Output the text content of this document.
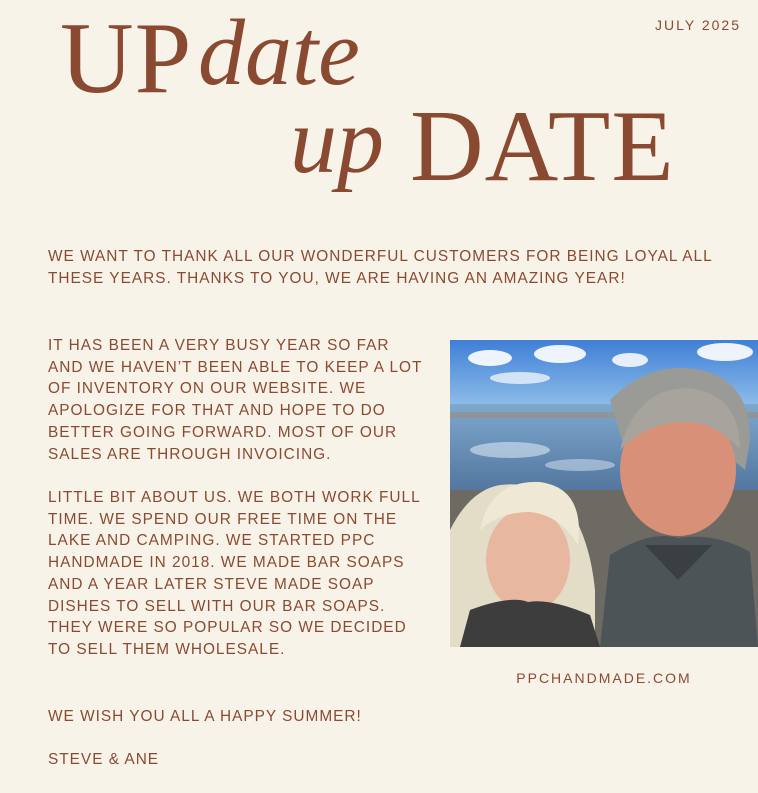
JULY 2025
UP date
up DATE
WE WANT TO THANK ALL OUR WONDERFUL CUSTOMERS FOR BEING LOYAL ALL THESE YEARS. THANKS TO YOU, WE ARE HAVING AN AMAZING YEAR!
IT HAS BEEN A VERY BUSY YEAR SO FAR AND WE HAVEN’T BEEN ABLE TO KEEP A LOT OF INVENTORY ON OUR WEBSITE. WE APOLOGIZE FOR THAT AND HOPE TO DO BETTER GOING FORWARD. MOST OF OUR SALES ARE THROUGH INVOICING.
LITTLE BIT ABOUT US. WE BOTH WORK FULL TIME. WE SPEND OUR FREE TIME ON THE LAKE AND CAMPING. WE STARTED PPC HANDMADE IN 2018. WE MADE BAR SOAPS AND A YEAR LATER STEVE MADE SOAP DISHES TO SELL WITH OUR BAR SOAPS. THEY WERE SO POPULAR SO WE DECIDED TO SELL THEM WHOLESALE.

WE WISH YOU ALL A HAPPY SUMMER!

STEVE & ANE

PPCHANDMADE.COM
